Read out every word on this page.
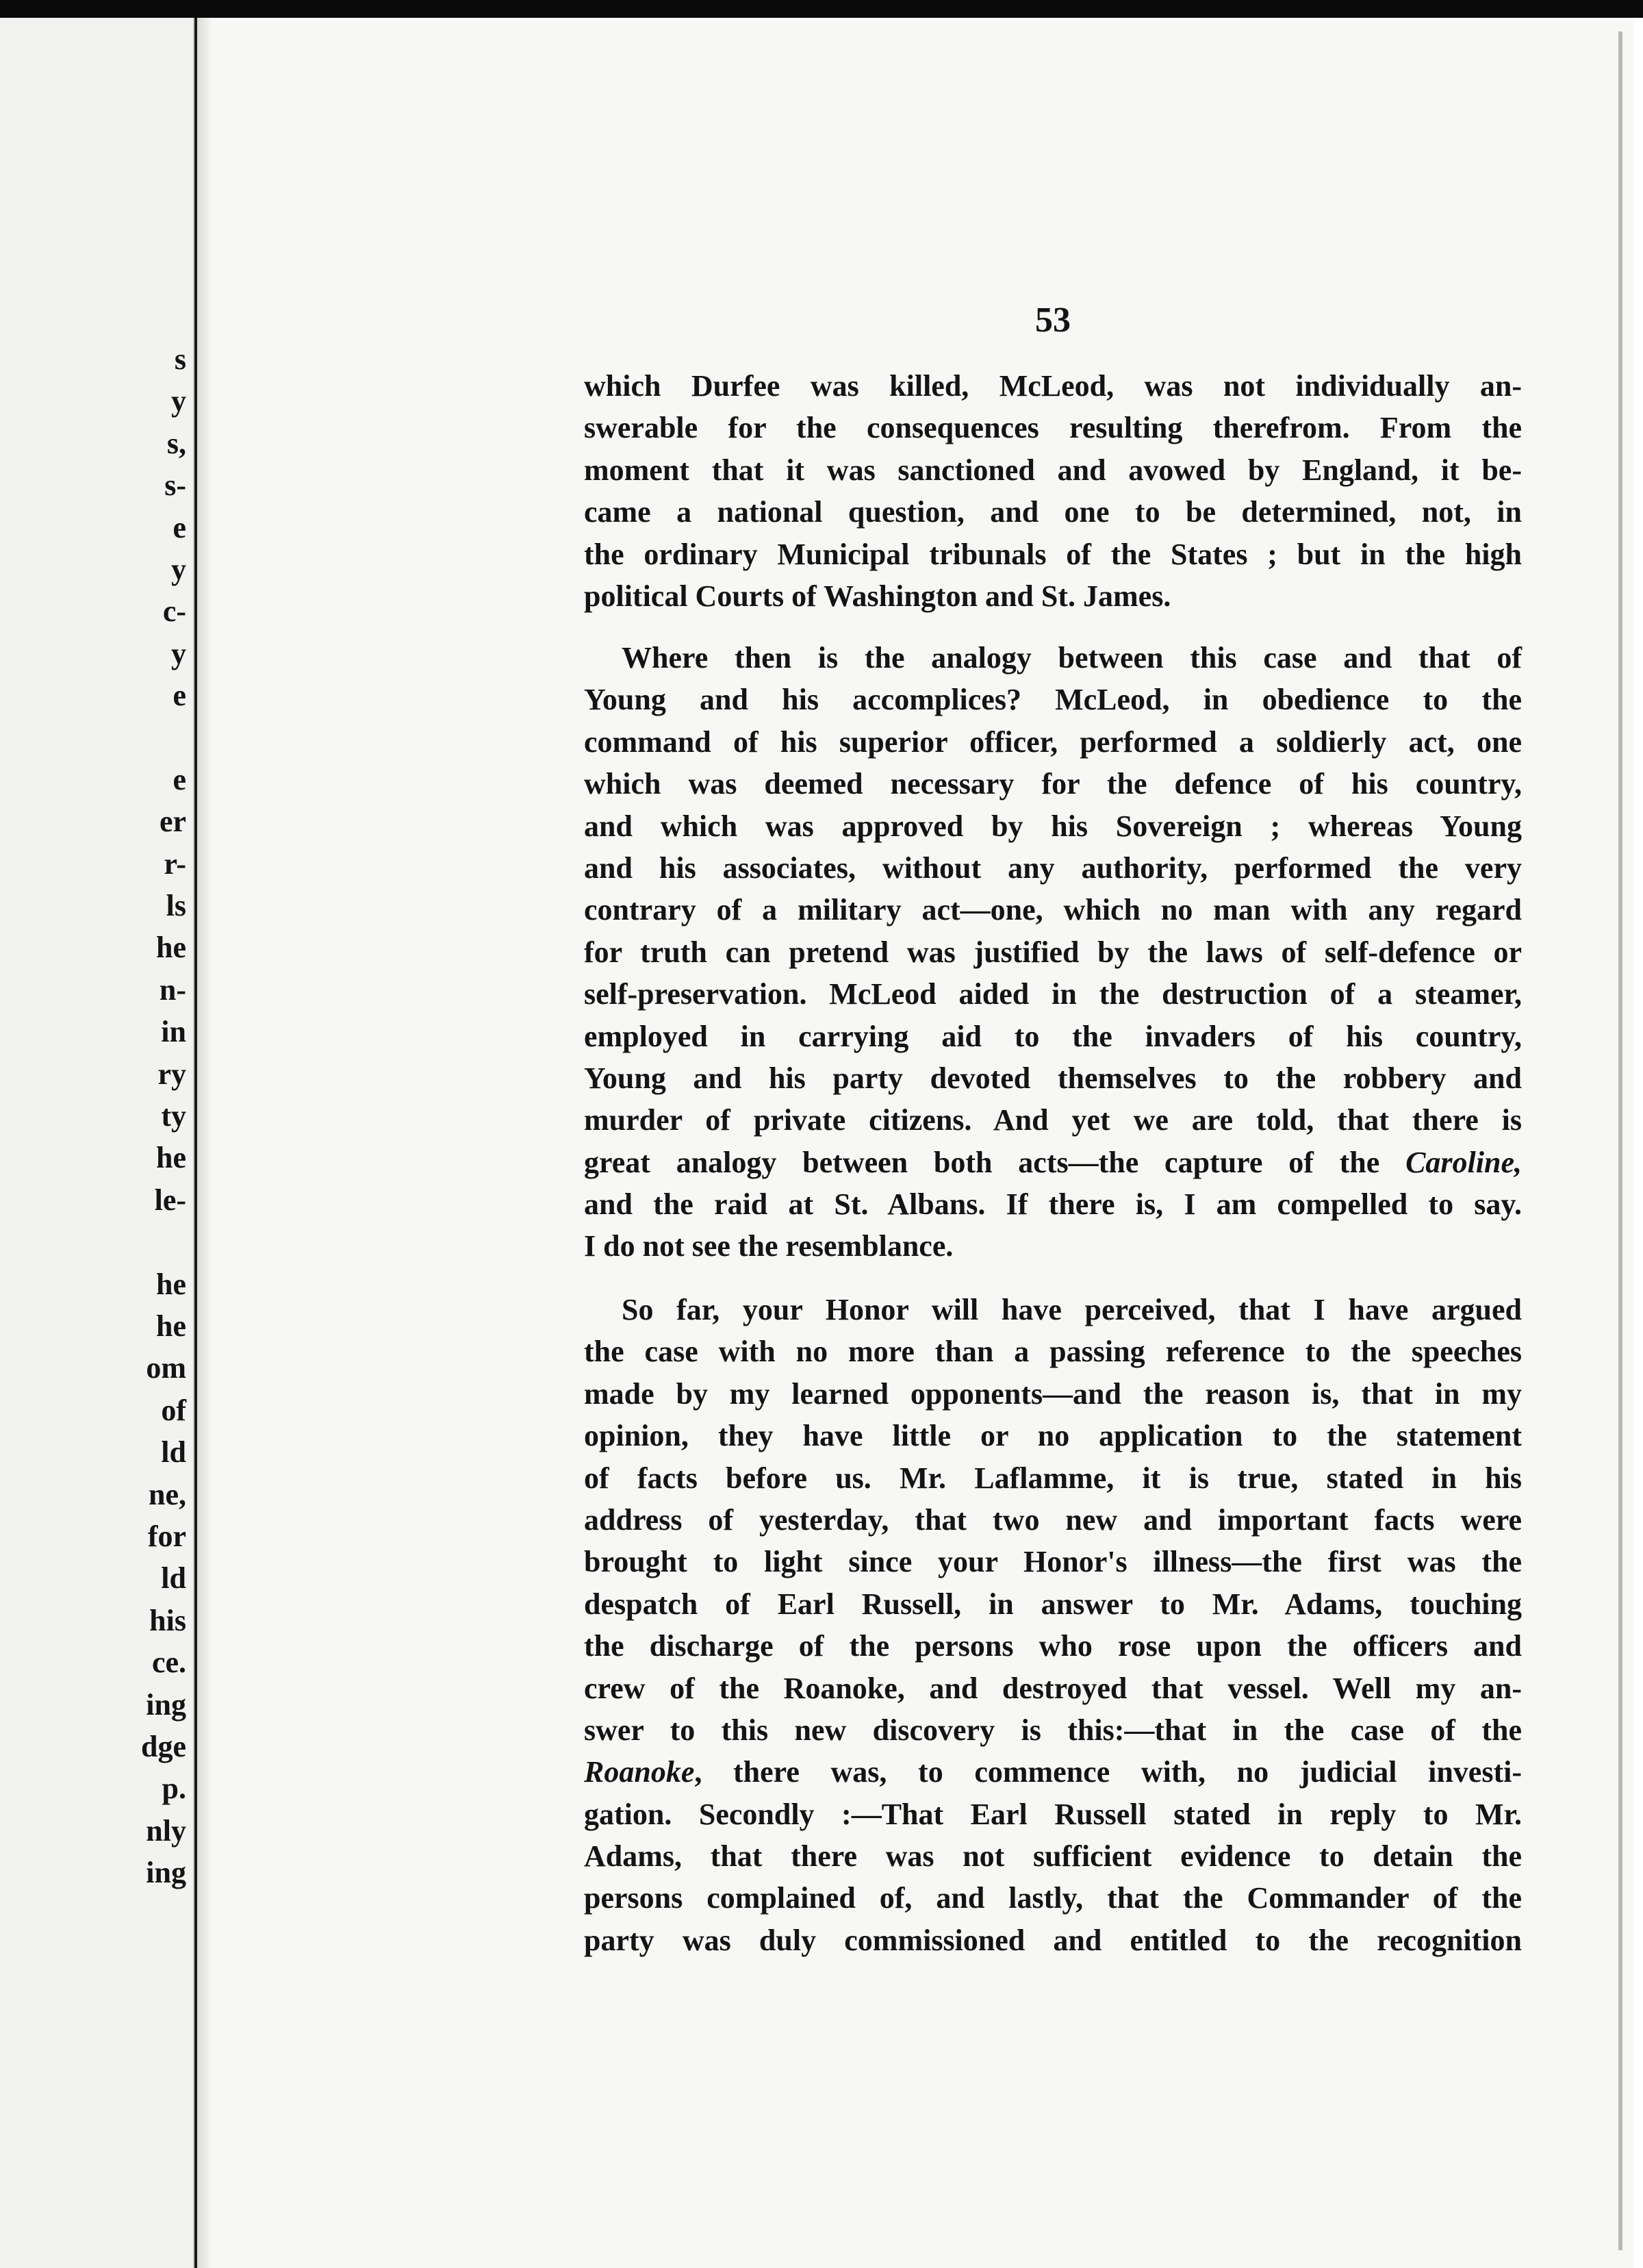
s
y
s,
s-
e
y
c-
y
e
e
er
r-
ls
he
n-
in
ry
ty
he
le-
he
he
om
of
ld
ne,
for
ld
his
ce.
ing
dge
p.
nly
ing
53
which Durfee was killed, McLeod, was not individually an-
swerable for the consequences resulting therefrom. From the
moment that it was sanctioned and avowed by England, it be-
came a national question, and one to be determined, not, in
the ordinary Municipal tribunals of the States ; but in the high
political Courts of Washington and St. James.
Where then is the analogy between this case and that of
Young and his accomplices? McLeod, in obedience to the
command of his superior officer, performed a soldierly act, one
which was deemed necessary for the defence of his country,
and which was approved by his Sovereign ; whereas Young
and his associates, without any authority, performed the very
contrary of a military act—one, which no man with any regard
for truth can pretend was justified by the laws of self-defence or
self-preservation. McLeod aided in the destruction of a steamer,
employed in carrying aid to the invaders of his country,
Young and his party devoted themselves to the robbery and
murder of private citizens. And yet we are told, that there is
great analogy between both acts—the capture of the Caroline,
and the raid at St. Albans. If there is, I am compelled to say.
I do not see the resemblance.
So far, your Honor will have perceived, that I have argued
the case with no more than a passing reference to the speeches
made by my learned opponents—and the reason is, that in my
opinion, they have little or no application to the statement
of facts before us. Mr. Laflamme, it is true, stated in his
address of yesterday, that two new and important facts were
brought to light since your Honor's illness—the first was the
despatch of Earl Russell, in answer to Mr. Adams, touching
the discharge of the persons who rose upon the officers and
crew of the Roanoke, and destroyed that vessel. Well my an-
swer to this new discovery is this:—that in the case of the
Roanoke, there was, to commence with, no judicial investi-
gation. Secondly :—That Earl Russell stated in reply to Mr.
Adams, that there was not sufficient evidence to detain the
persons complained of, and lastly, that the Commander of the
party was duly commissioned and entitled to the recognition
